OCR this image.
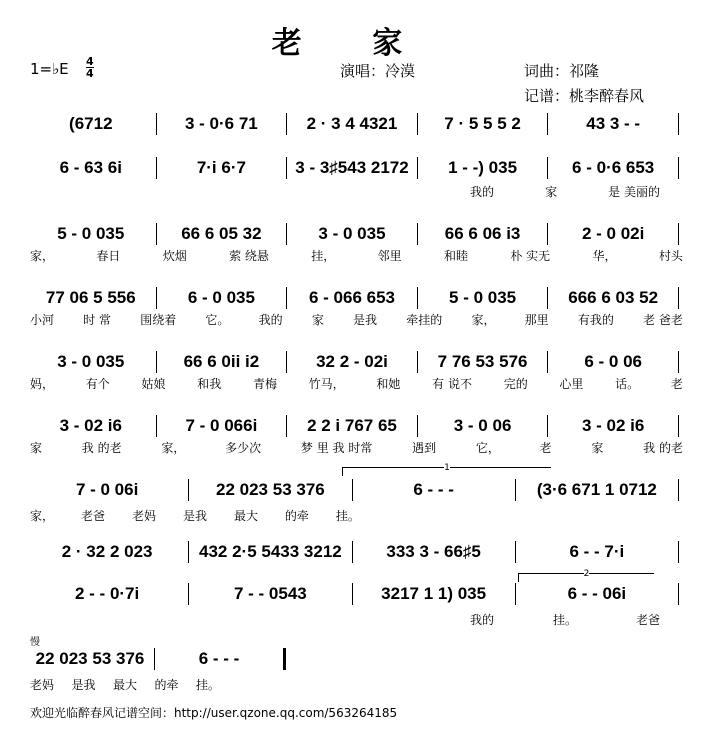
老 家
1=♭E 4
4	演唱：冷漠	词曲：祁隆
记谱：桃李醉春风
(6712	3 - 0·6 71	2 · 3 4 4321	7 · 5 5 5 2	43 3 - -
6 - 63 6i	7·i 6·7	3 - 3♯543 2172	1 - -) 035	6 - 0·6 653
我的	家	是 美丽的
5 - 0 035	66 6 05 32	3 - 0 035	66 6 06 i3	2 - 0 02i
家，	春日	炊烟	萦 绕悬	挂，	邻里	和睦	朴 实无	华，	村头
77 06 5 556	6 - 0 035	6 - 066 653	5 - 0 035	666 6 03 52
小河 时 常 围绕着 它。 我的 家 是我 牵挂的 家， 那里 有我的 老 爸老
3 - 0 035	66 6 0ii i2	32 2 - 02i	7 76 53 576	6 - 0 06
妈，	有个	姑娘	和我	青梅	竹马，	和她	有 说不	完的	心里	话。	老
3 - 02 i6	7 - 0 066i	2 2 i 767 65	3 - 0 06	3 - 02 i6
家	我 的老	家，	多少次	梦 里 我 时常	遇到	它，	老	家	我 的老
7 - 0 06i	22 023 53 376	6 - - -	(3·6 671 1 0712
家， 老爸 老妈 是我 最大 的牵 挂。
1
2 · 32 2 023	432 2·5 5433 3212	333 3 - 66♯5	6 - - 7·i
2 - - 0·7i	7 - - 0543	3217 1 1) 035	6 - - 06i
我的	挂。	老爸
2
22 023 53 376	6 - - -
老妈 是我 最大 的牵 挂。
慢
欢迎光临醉春风记谱空间：http://user.qzone.qq.com/563264185
